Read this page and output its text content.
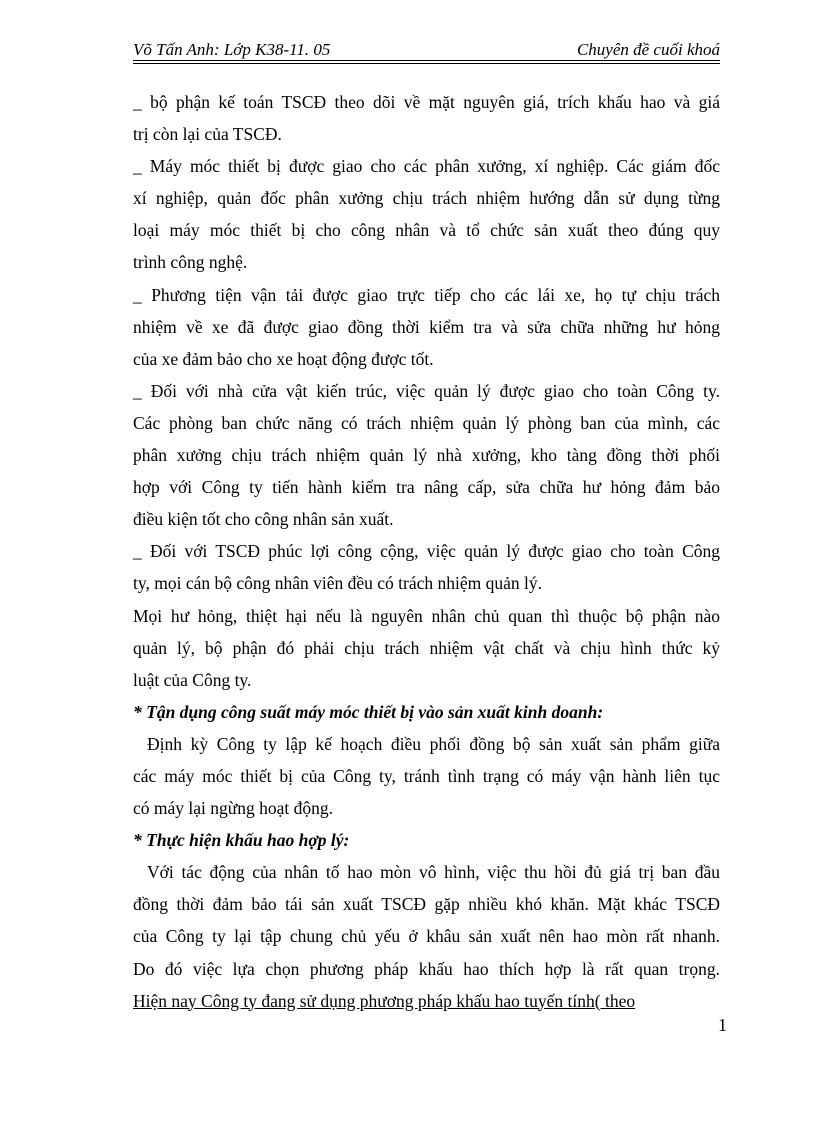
Võ Tấn Anh: Lớp K38-11. 05	Chuyên đề cuối khoá
_ bộ phận kế toán TSCĐ theo dõi về mặt nguyên giá, trích khấu hao và giá
trị còn lại của TSCĐ.
_ Máy móc thiết bị được giao cho các phân xưởng, xí nghiệp. Các giám đốc
xí nghiệp, quản đốc phân xưởng chịu trách nhiệm hướng dẫn sử dụng từng
loại máy móc thiết bị cho công nhân và tổ chức sản xuất theo đúng quy
trình công nghệ.
_ Phương tiện vận tải được giao trực tiếp cho các lái xe, họ tự chịu trách
nhiệm về xe đã được giao đồng thời kiểm tra và sửa chữa những hư hỏng
của xe đảm bảo cho xe hoạt động được tốt.
_ Đối với nhà cửa vật kiến trúc, việc quản lý được giao cho toàn Công ty.
Các phòng ban chức năng có trách nhiệm quản lý phòng ban của mình, các
phân xưởng chịu trách nhiệm quản lý nhà xưởng, kho tàng đồng thời phối
hợp với Công ty tiến hành kiểm tra nâng cấp, sửa chữa hư hỏng đảm bảo
điều kiện tốt cho công nhân sản xuất.
_ Đối với TSCĐ phúc lợi công cộng, việc quản lý được giao cho toàn Công
ty, mọi cán bộ công nhân viên đều có trách nhiệm quản lý.
Mọi hư hỏng, thiệt hại nếu là nguyên nhân chủ quan thì thuộc bộ phận nào
quản lý, bộ phận đó phải chịu trách nhiệm vật chất và chịu hình thức kỷ
luật của Công ty.
* Tận dụng công suất máy móc thiết bị vào sản xuất kinh doanh:
Định kỳ Công ty lập kế hoạch điều phối đồng bộ sản xuất sản phẩm giữa
các máy móc thiết bị của Công ty, tránh tình trạng có máy vận hành liên tục
có máy lại ngừng hoạt động.
* Thực hiện khấu hao hợp lý:
Với tác động của nhân tố hao mòn vô hình, việc thu hồi đủ giá trị ban đầu
đồng thời đảm bảo tái sản xuất TSCĐ gặp nhiều khó khăn. Mặt khác TSCĐ
của Công ty lại tập chung chủ yếu ở khâu sản xuất nên hao mòn rất nhanh.
Do đó việc lựa chọn phương pháp khấu hao thích hợp là rất quan trọng.
Hiện nay Công ty đang sử dụng phương pháp khấu hao tuyến tính( theo
1
